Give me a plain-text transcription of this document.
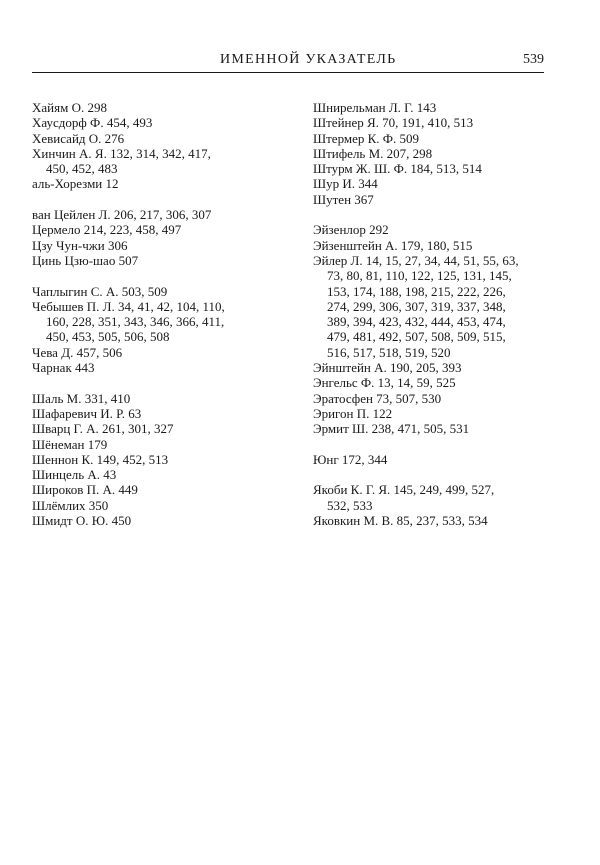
ИМЕННОЙ УКАЗАТЕЛЬ	539

Хайям О. 298

Хаусдорф Ф. 454, 493

Хевисайд О. 276

Хинчин А. Я. 132, 314, 342, 417,
450, 452, 483

аль-Хорезми 12

ван Цейлен Л. 206, 217, 306, 307

Цермело 214, 223, 458, 497

Цзу Чун-чжи 306

Цинь Цзю-шао 507

Чаплыгин С. А. 503, 509

Чебышев П. Л. 34, 41, 42, 104, 110,
160, 228, 351, 343, 346, 366, 411,
450, 453, 505, 506, 508

Чева Д. 457, 506

Чарнак 443

Шаль М. 331, 410

Шафаревич И. Р. 63

Шварц Г. А. 261, 301, 327

Шёнеман 179

Шеннон К. 149, 452, 513

Шинцель А. 43

Широков П. А. 449

Шлёмлих 350

Шмидт О. Ю. 450

Шнирельман Л. Г. 143

Штейнер Я. 70, 191, 410, 513

Штермер К. Ф. 509

Штифель М. 207, 298

Штурм Ж. Ш. Ф. 184, 513, 514

Шур И. 344

Шутен 367

Эйзенлор 292

Эйзенштейн А. 179, 180, 515

Эйлер Л. 14, 15, 27, 34, 44, 51, 55, 63,
73, 80, 81, 110, 122, 125, 131, 145,
153, 174, 188, 198, 215, 222, 226,
274, 299, 306, 307, 319, 337, 348,
389, 394, 423, 432, 444, 453, 474,
479, 481, 492, 507, 508, 509, 515,
516, 517, 518, 519, 520

Эйнштейн А. 190, 205, 393

Энгельс Ф. 13, 14, 59, 525

Эратосфен 73, 507, 530

Эригон П. 122

Эрмит Ш. 238, 471, 505, 531

Юнг 172, 344

Якоби К. Г. Я. 145, 249, 499, 527,
532, 533

Яковкин М. В. 85, 237, 533, 534
